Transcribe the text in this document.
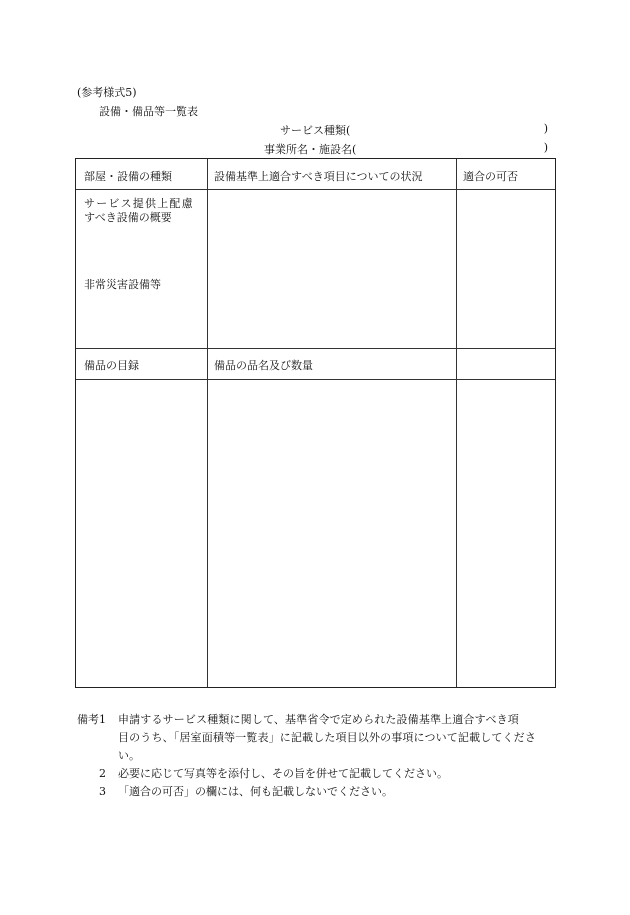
(参考様式5)
設備・備品等一覧表
サービス種類(	)
事業所名・施設名(	)
部屋・設備の種類	設備基準上適合すべき項目についての状況	適合の可否
サービス提供上配慮
すべき設備の概要
非常災害設備等
備品の目録	備品の品名及び数量
備考 1 申請するサービス種類に関して、基準省令で定められた設備基準上適合すべき項
目のうち、「居室面積等一覧表」に記載した項目以外の事項について記載してくださ
い。
2 必要に応じて写真等を添付し、その旨を併せて記載してください。
3 「適合の可否」の欄には、何も記載しないでください。
